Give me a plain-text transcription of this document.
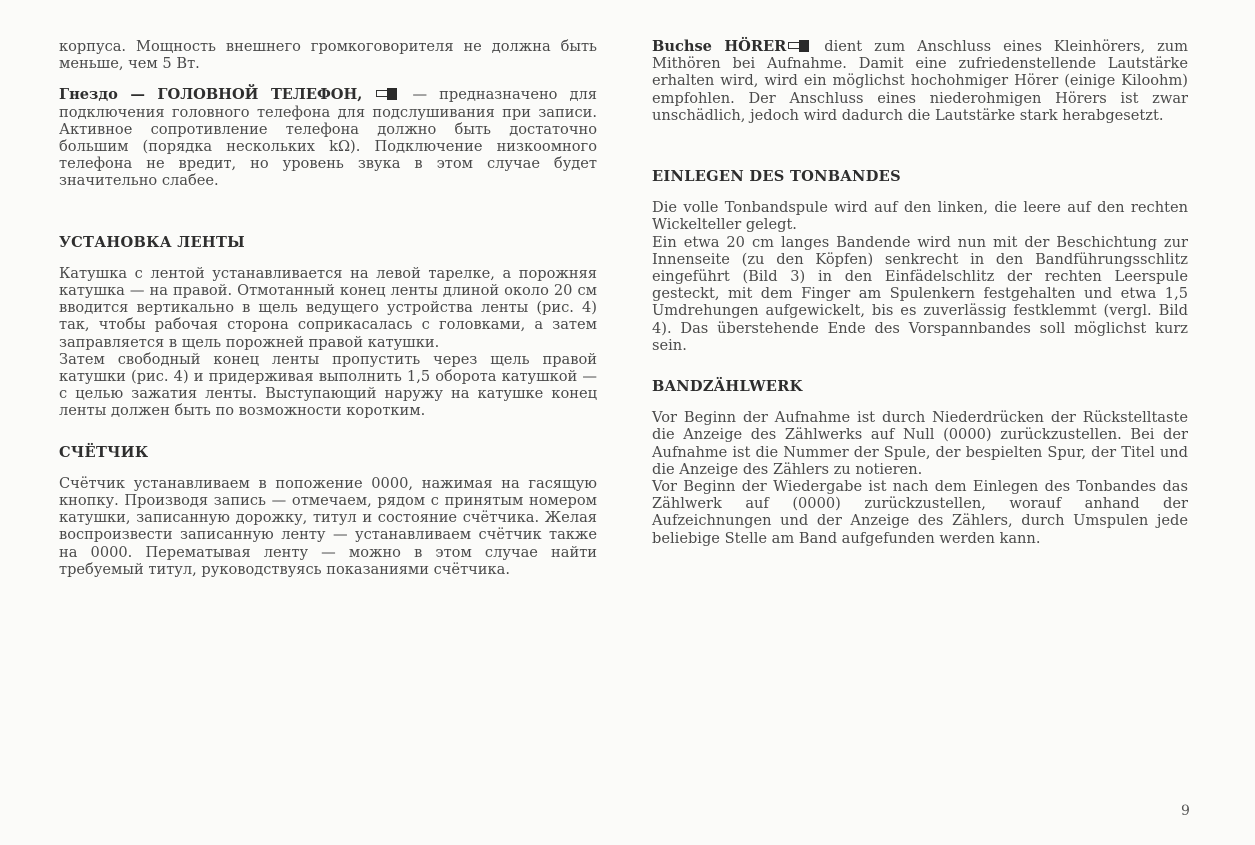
корпуса. Мощность внешнего громкоговорителя не должна быть меньше, чем 5 Вт.

Гнездо — ГОЛОВНОЙ ТЕЛЕФОН,	— предназначено для подключения головного телефона для подслушивания при записи. Активное сопротивление телефона должно быть достаточно большим (порядка нескольких kΩ). Подключение низкоомного телефона не вредит, но уровень звука в этом случае будет значительно слабее.

УСТАНОВКА ЛЕНТЫ

Катушка с лентой устанавливается на левой тарелке, а порожняя катушка — на правой. Отмотанный конец ленты длиной около 20 см вводится вертикально в щель ведущего устройства ленты (рис. 4) так, чтобы рабочая сторона соприкасалась с головками, а затем заправляется в щель порожней правой катушки.

Затем свободный конец ленты пропустить через щель правой катушки (рис. 4) и придерживая выполнить 1,5 оборота катушкой — с целью зажатия ленты. Выступающий наружу на катушке конец ленты должен быть по возможности коротким.

СЧЁТЧИК

Счётчик устанавливаем в попожение 0000, нажимая на гасящую кнопку. Производя запись — отмечаем, рядом с принятым номером катушки, записанную дорожку, титул и состояние счётчика. Желая воспроизвести записанную ленту — устанавливаем счётчик также на 0000. Перематывая ленту — можно в этом случае найти требуемый титул, руководствуясь показаниями счётчика.

Buchse HÖRER	dient zum Anschluss eines Kleinhörers, zum Mithören bei Aufnahme. Damit eine zufriedenstellende Lautstärke erhalten wird, wird ein möglichst hochohmiger Hörer (einige Kiloohm) empfohlen. Der Anschluss eines niederohmigen Hörers ist zwar unschädlich, jedoch wird dadurch die Lautstärke stark herabgesetzt.

EINLEGEN DES TONBANDES

Die volle Tonbandspule wird auf den linken, die leere auf den rechten Wickelteller gelegt.

Ein etwa 20 cm langes Bandende wird nun mit der Beschichtung zur Innenseite (zu den Köpfen) senkrecht in den Bandführungsschlitz eingeführt (Bild 3) in den Einfädelschlitz der rechten Leerspule gesteckt, mit dem Finger am Spulenkern festgehalten und etwa 1,5 Umdrehungen aufgewickelt, bis es zuverlässig festklemmt (vergl. Bild 4). Das überstehende Ende des Vorspannbandes soll möglichst kurz sein.

BANDZÄHLWERK

Vor Beginn der Aufnahme ist durch Niederdrücken der Rückstelltaste die Anzeige des Zählwerks auf Null (0000) zurückzustellen. Bei der Aufnahme ist die Nummer der Spule, der bespielten Spur, der Titel und die Anzeige des Zählers zu notieren.

Vor Beginn der Wiedergabe ist nach dem Einlegen des Tonbandes das Zählwerk auf (0000) zurückzustellen, worauf anhand der Aufzeichnungen und der Anzeige des Zählers, durch Umspulen jede beliebige Stelle am Band aufgefunden werden kann.

9
